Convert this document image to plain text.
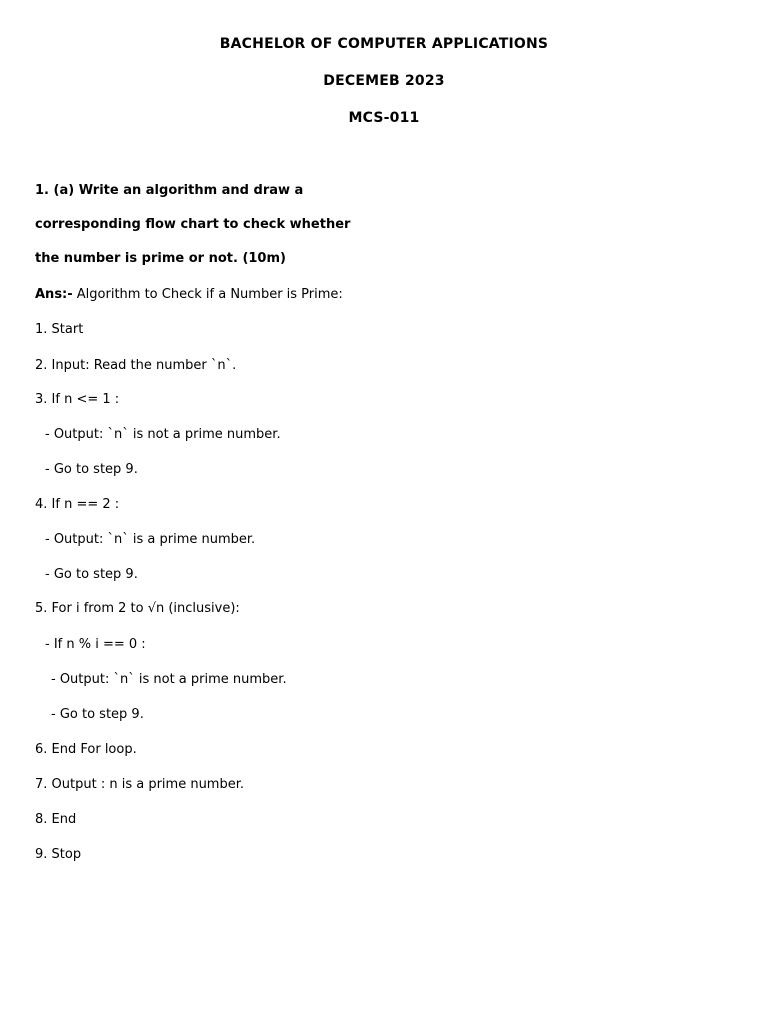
BACHELOR OF COMPUTER APPLICATIONS
DECEMEB 2023
MCS-011
1. (a) Write an algorithm and draw a
corresponding flow chart to check whether
the number is prime or not. (10m)
Ans:- Algorithm to Check if a Number is Prime:
1. Start
2. Input: Read the number `n`.
3. If n <= 1 :
- Output: `n` is not a prime number.
- Go to step 9.
4. If n == 2 :
- Output: `n` is a prime number.
- Go to step 9.
5. For i from 2 to √n (inclusive):
- If n % i == 0 :
- Output: `n` is not a prime number.
- Go to step 9.
6. End For loop.
7. Output : n is a prime number.
8. End
9. Stop
